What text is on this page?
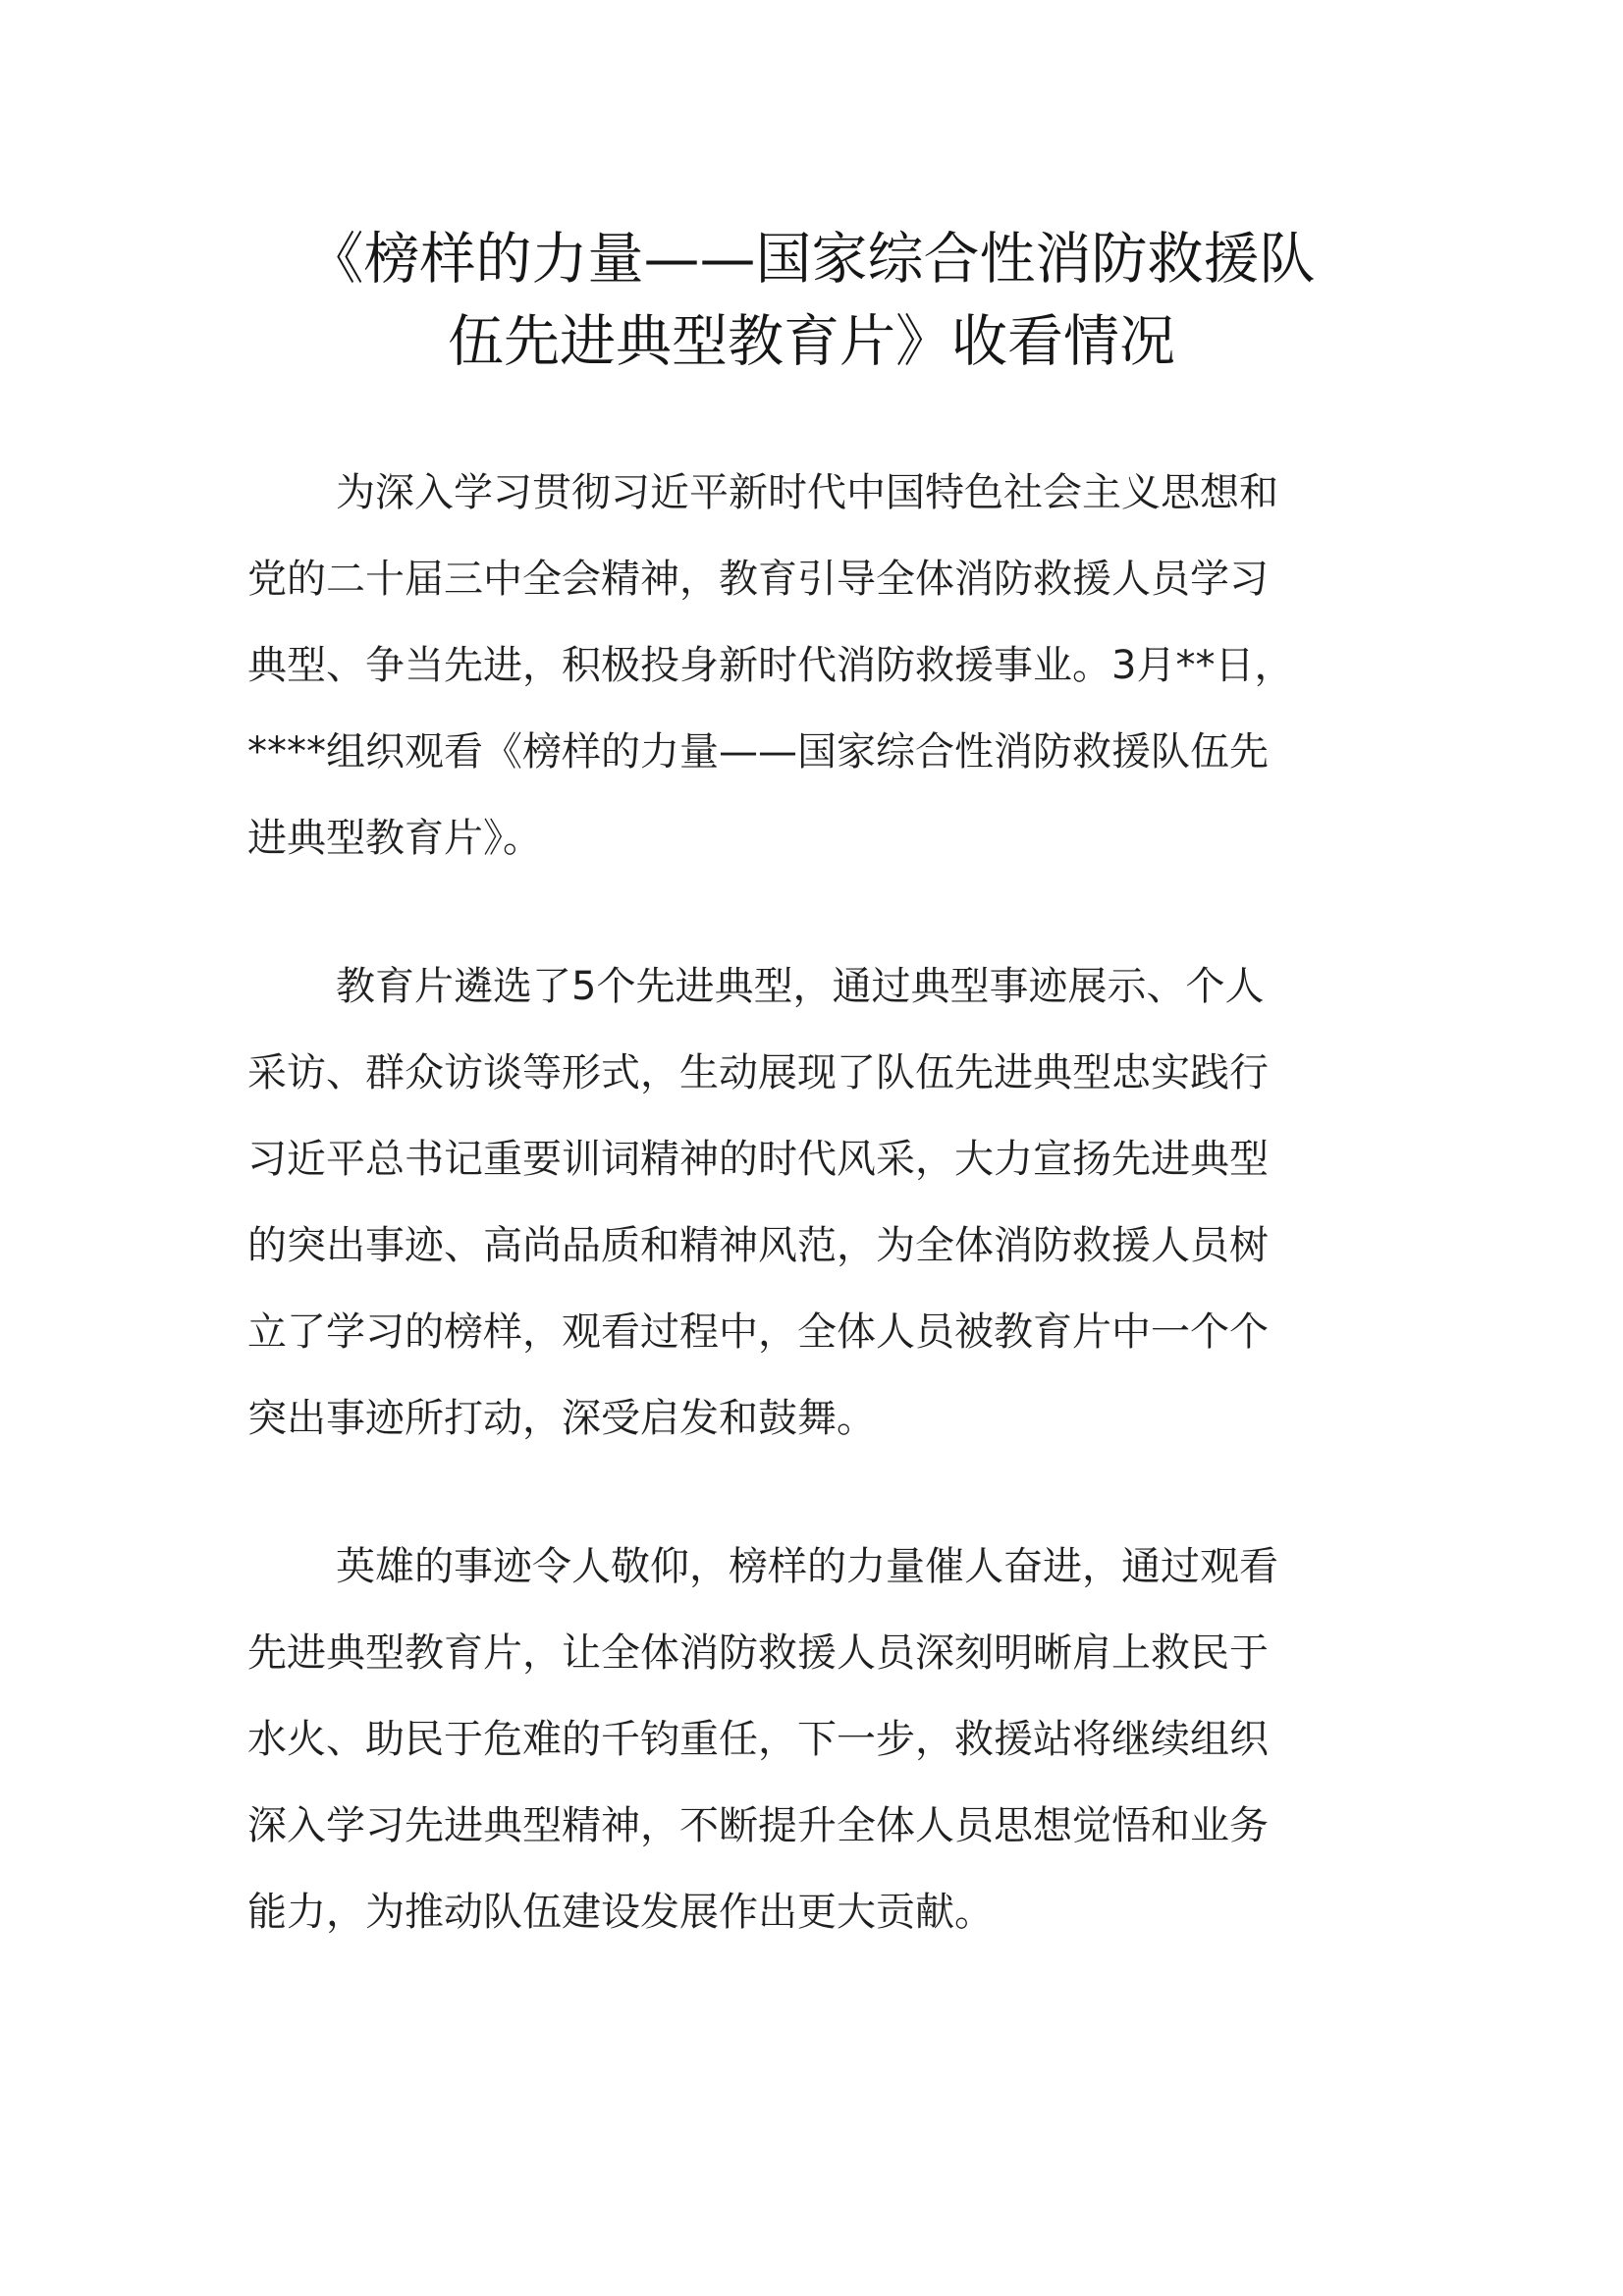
《榜样的力量——国家综合性消防救援队
伍先进典型教育片》收看情况

为深入学习贯彻习近平新时代中国特色社会主义思想和
党的二十届三中全会精神，教育引导全体消防救援人员学习
典型、争当先进，积极投身新时代消防救援事业。3月**日，
****组织观看《榜样的力量——国家综合性消防救援队伍先
进典型教育片》。

教育片遴选了5个先进典型，通过典型事迹展示、个人
采访、群众访谈等形式，生动展现了队伍先进典型忠实践行
习近平总书记重要训词精神的时代风采，大力宣扬先进典型
的突出事迹、高尚品质和精神风范，为全体消防救援人员树
立了学习的榜样，观看过程中，全体人员被教育片中一个个
突出事迹所打动，深受启发和鼓舞。

英雄的事迹令人敬仰，榜样的力量催人奋进，通过观看
先进典型教育片，让全体消防救援人员深刻明晰肩上救民于
水火、助民于危难的千钧重任，下一步，救援站将继续组织
深入学习先进典型精神，不断提升全体人员思想觉悟和业务
能力，为推动队伍建设发展作出更大贡献。
